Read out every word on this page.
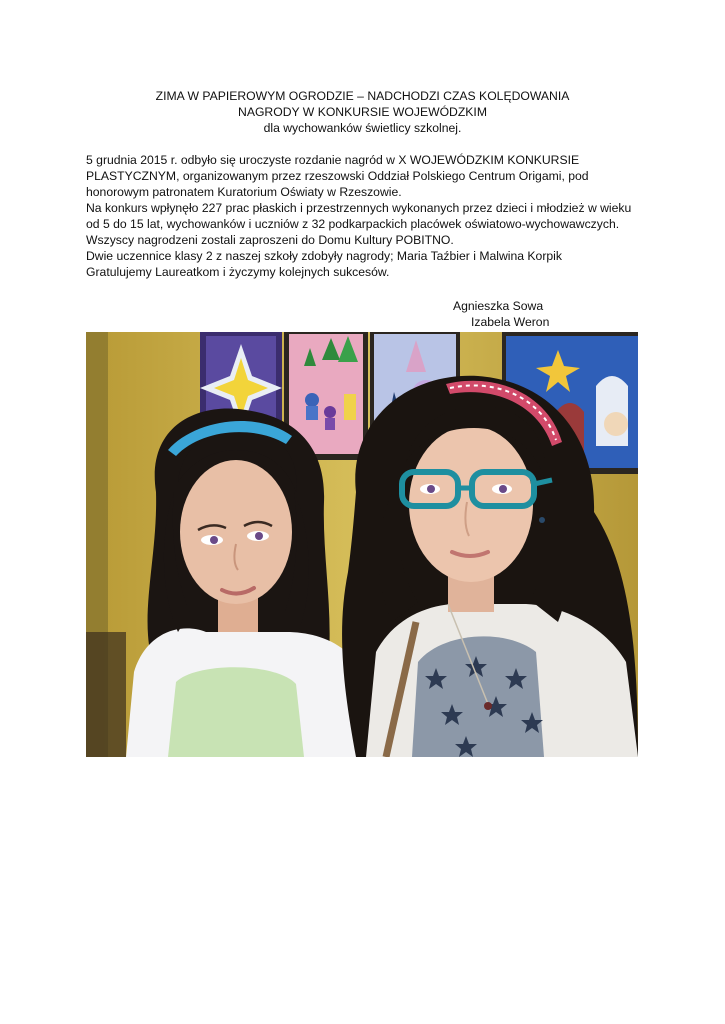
ZIMA W PAPIEROWYM OGRODZIE – NADCHODZI CZAS KOLĘDOWANIA
NAGRODY W KONKURSIE WOJEWÓDZKIM
dla wychowanków świetlicy szkolnej.
5 grudnia 2015 r. odbyło się uroczyste rozdanie nagród w X WOJEWÓDZKIM KONKURSIE
PLASTYCZNYM, organizowanym przez rzeszowski Oddział Polskiego Centrum Origami, pod
honorowym patronatem Kuratorium Oświaty w Rzeszowie.
Na konkurs wpłynęło 227 prac płaskich i przestrzennych wykonanych przez dzieci i młodzież w wieku
od 5 do 15 lat, wychowanków i uczniów z 32 podkarpackich placówek oświatowo-wychowawczych.
Wszyscy nagrodzeni zostali zaproszeni do Domu Kultury POBITNO.
Dwie uczennice klasy 2 z naszej szkoły zdobyły nagrody; Maria Taźbier i Malwina Korpik
Gratulujemy Laureatkom i życzymy kolejnych sukcesów.
Agnieszka Sowa
Izabela Weron
